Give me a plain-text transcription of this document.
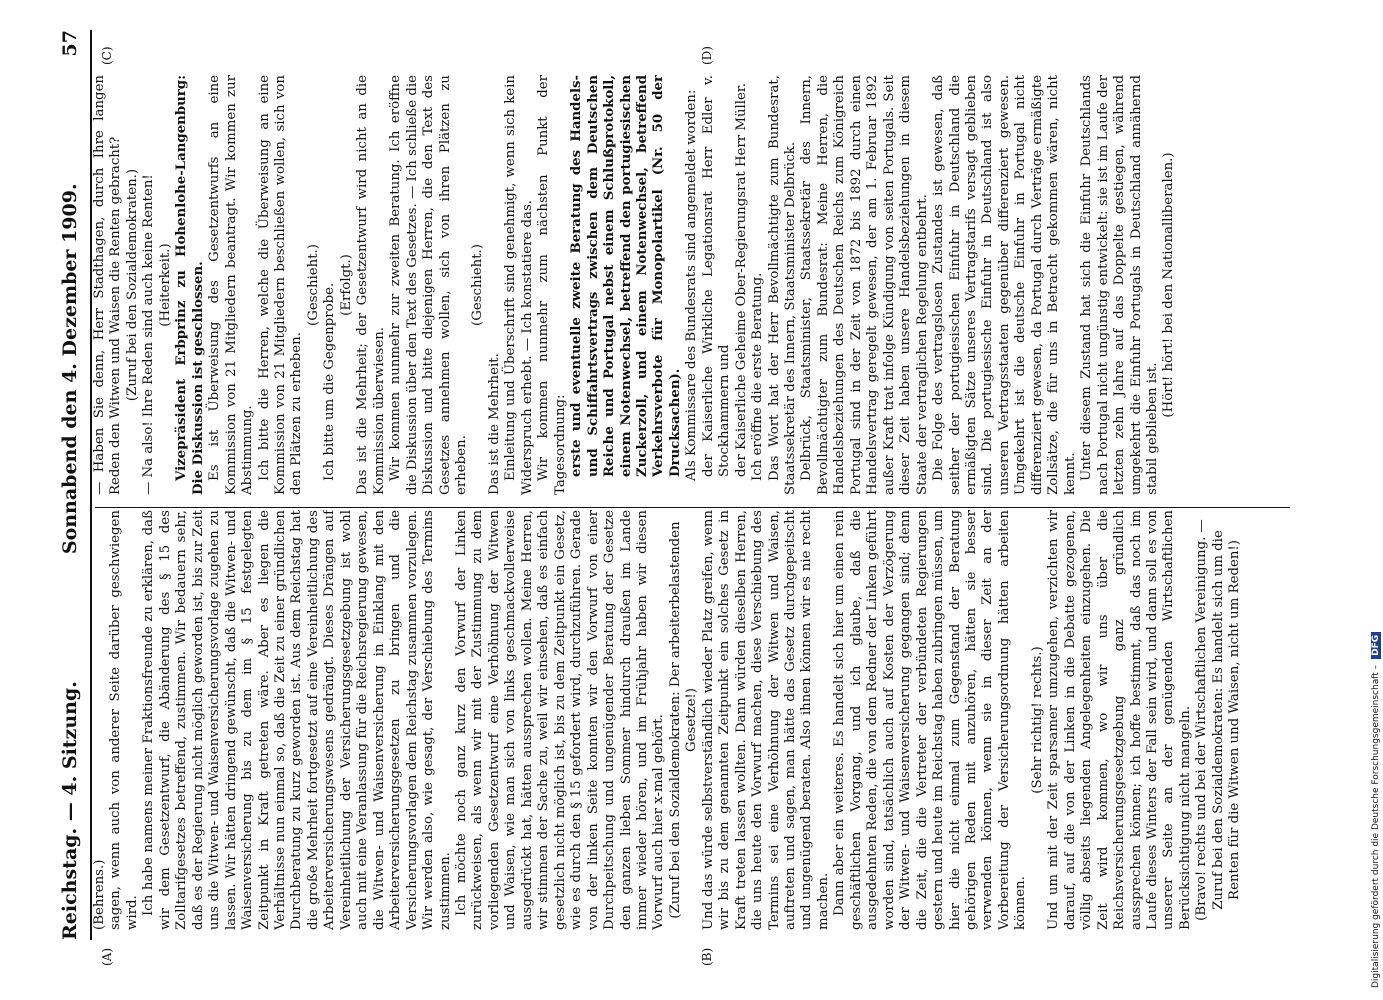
Reichstag. — 4. Sitzung.
Sonnabend den 4. Dezember 1909.
57
(A)	(B)
(C)	(D)

(Behrens.) sagen, wenn auch von anderer Seite darüber geschwiegen wird. Ich habe namens meiner Fraktionsfreunde zu erklären, daß wir dem Gesetzentwurf, die Abänderung des § 15 des Zolltarifgesetzes betreffend, zustimmen. Wir bedauern sehr, daß es der Regierung nicht möglich geworden ist, bis zur Zeit uns die Witwen- und Waisenversicherungsvorlage zugehen zu lassen. Wir hätten dringend gewünscht, daß die Witwen- und Waisenversicherung bis zu dem im § 15 festgelegten Zeitpunkt in Kraft getreten wäre. Aber es liegen die Verhältnisse nun einmal so, daß die Zeit zu einer gründlichen Durchberatung zu kurz geworden ist. Aus dem Reichstag hat die große Mehrheit fortgesetzt auf eine Vereinheitlichung des Arbeiterversicherungswesens gedrängt. Dieses Drängen auf Vereinheitlichung der Versicherungsgesetzgebung ist wohl auch mit eine Veranlassung für die Reichsregierung gewesen, die Witwen- und Waisenversicherung in Einklang mit den Arbeiterversicherungsgesetzen zu bringen und die Versicherungsvorlagen dem Reichstag zusammen vorzulegen. Wir werden also, wie gesagt, der Verschiebung des Termins zustimmen. Ich möchte noch ganz kurz den Vorwurf der Linken zurückweisen, als wenn wir mit der Zustimmung zu dem vorliegenden Gesetzentwurf eine Verhöhnung der Witwen und Waisen, wie man sich von links geschmackvollerweise ausgedrückt hat, hätten aussprechen wollen. Meine Herren, wir stimmen der Sache zu, weil wir einsehen, daß es einfach gesetzlich nicht möglich ist, bis zu dem Zeitpunkt ein Gesetz, wie es durch den § 15 gefordert wird, durchzuführen. Gerade von der linken Seite konnten wir den Vorwurf von einer Durchpeitschung und ungenügender Beratung der Gesetze den ganzen lieben Sommer hindurch draußen im Lande immer wieder hören, und im Frühjahr haben wir diesen Vorwurf auch hier x-mal gehört. (Zuruf bei den Sozialdemokraten: Der arbeiterbelastenden Gesetze!) Und das würde selbstverständlich wieder Platz greifen, wenn wir bis zu dem genannten Zeitpunkt ein solches Gesetz in Kraft treten lassen wollten. Dann würden dieselben Herren, die uns heute den Vorwurf machen, diese Verschiebung des Termins sei eine Verhöhnung der Witwen und Waisen, auftreten und sagen, man hätte das Gesetz durchgepeitscht und ungenügend beraten. Also ihnen können wir es nie recht machen. Dann aber ein weiteres. Es handelt sich hier um einen rein geschäftlichen Vorgang, und ich glaube, daß die ausgedehnten Reden, die von dem Redner der Linken geführt worden sind, tatsächlich auch auf Kosten der Verzögerung der Witwen- und Waisenversicherung gegangen sind; denn die Zeit, die die Vertreter der verbündeten Regierungen gestern und heute im Reichstag haben zubringen müssen, um hier die nicht einmal zum Gegenstand der Beratung gehörigen Reden mit anzuhören, hätten sie besser verwenden können, wenn sie in dieser Zeit an der Vorbereitung der Versicherungsordnung hätten arbeiten können.

(Sehr richtig! rechts.) Und um mit der Zeit sparsamer umzugehen, verzichten wir darauf, auf die von der Linken in die Debatte gezogenen, völlig abseits liegenden Angelegenheiten einzugehen. Die Zeit wird kommen, wo wir uns über die Reichsversicherungsgesetzgebung ganz gründlich aussprechen können; ich hoffe bestimmt, daß das noch im Laufe dieses Winters der Fall sein wird, und dann soll es von unserer Seite an der genügenden Wirtschaftlichen Berücksichtigung nicht mangeln. (Bravo! rechts und bei der Wirtschaftlichen Vereinigung. — Zuruf bei den Sozialdemokraten: Es handelt sich um die Renten für die Witwen und Waisen, nicht um Reden!)

— Haben Sie denn, Herr Stadthagen, durch Ihre langen Reden den Witwen und Waisen die Renten gebracht? (Zuruf bei den Sozialdemokraten.) — Na also! Ihre Reden sind auch keine Renten! (Heiterkeit.) Vizepräsident Erbprinz zu Hohenlohe-Langenburg: Die Diskussion ist geschlossen. Es ist Überweisung des Gesetzentwurfs an eine Kommission von 21 Mitgliedern beantragt. Wir kommen zur Abstimmung. Ich bitte die Herren, welche die Überweisung an eine Kommission von 21 Mitgliedern beschließen wollen, sich von den Plätzen zu erheben.

(Geschieht.) Ich bitte um die Gegenprobe. (Erfolgt.) Das ist die Mehrheit; der Gesetzentwurf wird nicht an die Kommission überwiesen. Wir kommen nunmehr zur zweiten Beratung. Ich eröffne die Diskussion über den Text des Gesetzes. — Ich schließe die Diskussion und bitte diejenigen Herren, die den Text des Gesetzes annehmen wollen, sich von ihren Plätzen zu erheben.

(Geschieht.)

Das ist die Mehrheit. Einleitung und Überschrift sind genehmigt, wenn sich kein Widerspruch erhebt. — Ich konstatiere das. Wir kommen nunmehr zum nächsten Punkt der Tagesordnung: erste und eventuelle zweite Beratung des Handels- und Schiffahrtsvertrags zwischen dem Deutschen Reiche und Portugal nebst einem Schlußprotokoll, einem Notenwechsel, betreffend den portugiesischen Zuckerzoll, und einem Notenwechsel, betreffend Verkehrsverbote für Monopolartikel (Nr. 50 der Drucksachen). Als Kommissare des Bundesrats sind angemeldet worden: der Kaiserliche Wirkliche Legationsrat Herr Edler v. Stockhammern und der Kaiserliche Geheime Ober-Regierungsrat Herr Müller. Ich eröffne die erste Beratung. Das Wort hat der Herr Bevollmächtigte zum Bundesrat, Staatssekretär des Innern, Staatsminister Delbrück. Delbrück, Staatsminister, Staatssekretär des Innern, Bevollmächtigter zum Bundesrat: Meine Herren, die Handelsbeziehungen des Deutschen Reichs zum Königreich Portugal sind in der Zeit von 1872 bis 1892 durch einen Handelsvertrag geregelt gewesen, der am 1. Februar 1892 außer Kraft trat infolge Kündigung von seiten Portugals. Seit dieser Zeit haben unsere Handelsbeziehungen in diesem Staate der vertraglichen Regelung entbehrt. Die Folge des vertragslosen Zustandes ist gewesen, daß seither der portugiesischen Einfuhr in Deutschland die ermäßigten Sätze unseres Vertragstarifs versagt geblieben sind. Die portugiesische Einfuhr in Deutschland ist also unseren Vertragsstaaten gegenüber differenziert gewesen. Umgekehrt ist die deutsche Einfuhr in Portugal nicht differenziert gewesen, da Portugal durch Verträge ermäßigte Zollsätze, die für uns in Betracht gekommen wären, nicht kennt. Unter diesem Zustand hat sich die Einfuhr Deutschlands nach Portugal nicht ungünstig entwickelt: sie ist im Laufe der letzten zehn Jahre auf das Doppelte gestiegen, während umgekehrt die Einfuhr Portugals in Deutschland annähernd stabil geblieben ist.

(Hört! hört! bei den Nationalliberalen.)

Digitalisierung gefördert durch die Deutsche Forschungsgemeinschaft –
DFG
